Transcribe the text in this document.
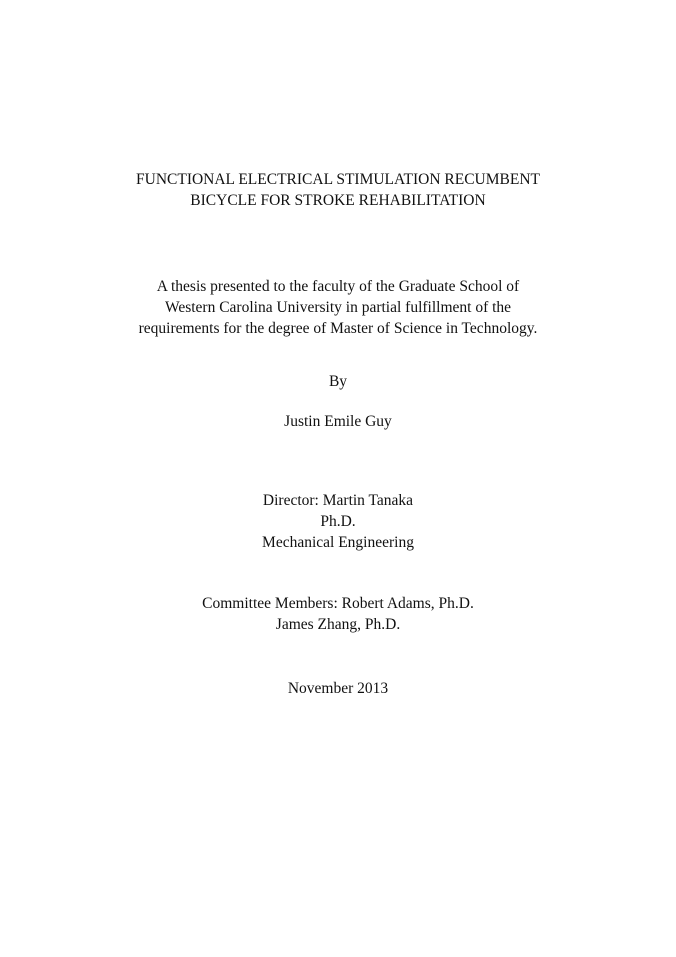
FUNCTIONAL ELECTRICAL STIMULATION RECUMBENT
BICYCLE FOR STROKE REHABILITATION
A thesis presented to the faculty of the Graduate School of
Western Carolina University in partial fulfillment of the
requirements for the degree of Master of Science in Technology.
By
Justin Emile Guy
Director: Martin Tanaka
Ph.D.
Mechanical Engineering
Committee Members: Robert Adams, Ph.D.
James Zhang, Ph.D.
November 2013
